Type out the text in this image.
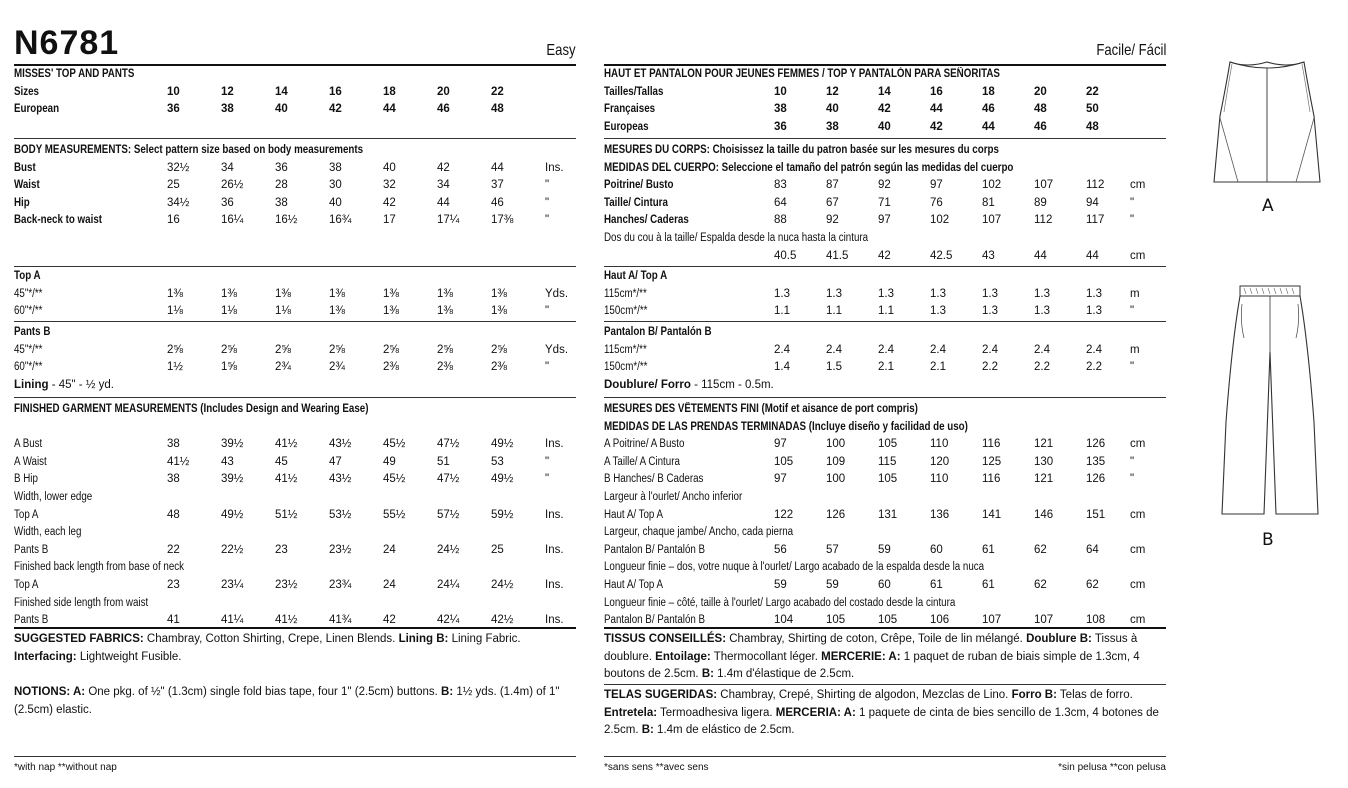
N6781	Easy
MISSES' TOP AND PANTS								
Sizes	10	12	14	16	18	20	22	
European	36	38	40	42	44	46	48	
BODY MEASUREMENTS: Select pattern size based on body measurements								
Bust	32½	34	36	38	40	42	44	Ins.
Waist	25	26½	28	30	32	34	37	"
Hip	34½	36	38	40	42	44	46	"
Back-neck to waist	16	16¼	16½	16¾	17	17¼	17⅜	"
Top A								
45"*/**	1⅜	1⅜	1⅜	1⅜	1⅜	1⅜	1⅜	Yds.
60"*/**	1⅛	1⅛	1⅛	1⅜	1⅜	1⅜	1⅜	"
Pants B								
45"*/**	2⅝	2⅝	2⅝	2⅝	2⅝	2⅝	2⅝	Yds.
60"*/**	1½	1⅝	2¾	2¾	2⅜	2⅜	2⅜	"
Lining - 45" - ½ yd.								
FINISHED GARMENT MEASUREMENTS (Includes Design and Wearing Ease)								

A Bust	38	39½	41½	43½	45½	47½	49½	Ins.
A Waist	41½	43	45	47	49	51	53	"
B Hip	38	39½	41½	43½	45½	47½	49½	"
Width, lower edge								
Top A	48	49½	51½	53½	55½	57½	59½	Ins.
Width, each leg								
Pants B	22	22½	23	23½	24	24½	25	Ins.
Finished back length from base of neck								
Top A	23	23¼	23½	23¾	24	24¼	24½	Ins.
Finished side length from waist								
Pants B	41	41¼	41½	41¾	42	42¼	42½	Ins.
SUGGESTED FABRICS: Chambray, Cotton Shirting, Crepe, Linen Blends. Lining B: Lining Fabric.
Interfacing: Lightweight Fusible.
NOTIONS: A: One pkg. of ½" (1.3cm) single fold bias tape, four 1" (2.5cm) buttons. B: 1½ yds. (1.4m) of 1" (2.5cm) elastic.
*with nap **without nap
Facile/ Fácil
HAUT ET PANTALON POUR JEUNES FEMMES / TOP Y PANTALÓN PARA SEÑORITAS								
Tailles/Tallas	10	12	14	16	18	20	22	
Françaises	38	40	42	44	46	48	50	
Europeas	36	38	40	42	44	46	48	
MESURES DU CORPS: Choisissez la taille du patron basée sur les mesures du corps								
MEDIDAS DEL CUERPO: Seleccione el tamaño del patrón según las medidas del cuerpo								
Poitrine/ Busto	83	87	92	97	102	107	112	cm
Taille/ Cintura	64	67	71	76	81	89	94	"
Hanches/ Caderas	88	92	97	102	107	112	117	"
Dos du cou à la taille/ Espalda desde la nuca hasta la cintura								
	40.5	41.5	42	42.5	43	44	44	cm
Haut A/ Top A								
115cm*/**	1.3	1.3	1.3	1.3	1.3	1.3	1.3	m
150cm*/**	1.1	1.1	1.1	1.3	1.3	1.3	1.3	"
Pantalon B/ Pantalón B								
115cm*/**	2.4	2.4	2.4	2.4	2.4	2.4	2.4	m
150cm*/**	1.4	1.5	2.1	2.1	2.2	2.2	2.2	"
Doublure/ Forro - 115cm - 0.5m.								
MESURES DES VÊTEMENTS FINI (Motif et aisance de port compris)								
MEDIDAS DE LAS PRENDAS TERMINADAS (Incluye diseño y facilidad de uso)								
A Poitrine/ A Busto	97	100	105	110	116	121	126	cm
A Taille/ A Cintura	105	109	115	120	125	130	135	"
B Hanches/ B Caderas	97	100	105	110	116	121	126	"
Largeur à l'ourlet/ Ancho inferior								
Haut A/ Top A	122	126	131	136	141	146	151	cm
Largeur, chaque jambe/ Ancho, cada pierna								
Pantalon B/ Pantalón B	56	57	59	60	61	62	64	cm
Longueur finie – dos, votre nuque à l'ourlet/ Largo acabado de la espalda desde la nuca								
Haut A/ Top A	59	59	60	61	61	62	62	cm
Longueur finie – côté, taille à l'ourlet/ Largo acabado del costado desde la cintura								
Pantalon B/ Pantalón B	104	105	105	106	107	107	108	cm
TISSUS CONSEILLÉS: Chambray, Shirting de coton, Crêpe, Toile de lin mélangé. Doublure B: Tissus à doublure. Entoilage: Thermocollant léger. MERCERIE: A: 1 paquet de ruban de biais simple de 1.3cm, 4 boutons de 2.5cm. B: 1.4m d'élastique de 2.5cm.
TELAS SUGERIDAS: Chambray, Crepé, Shirting de algodon, Mezclas de Lino. Forro B: Telas de forro.
Entretela: Termoadhesiva ligera. MERCERIA: A: 1 paquete de cinta de bies sencillo de 1.3cm, 4 botones de 2.5cm. B: 1.4m de elástico de 2.5cm.
*sans sens **avec sens	*sin pelusa **con pelusa
A
B
